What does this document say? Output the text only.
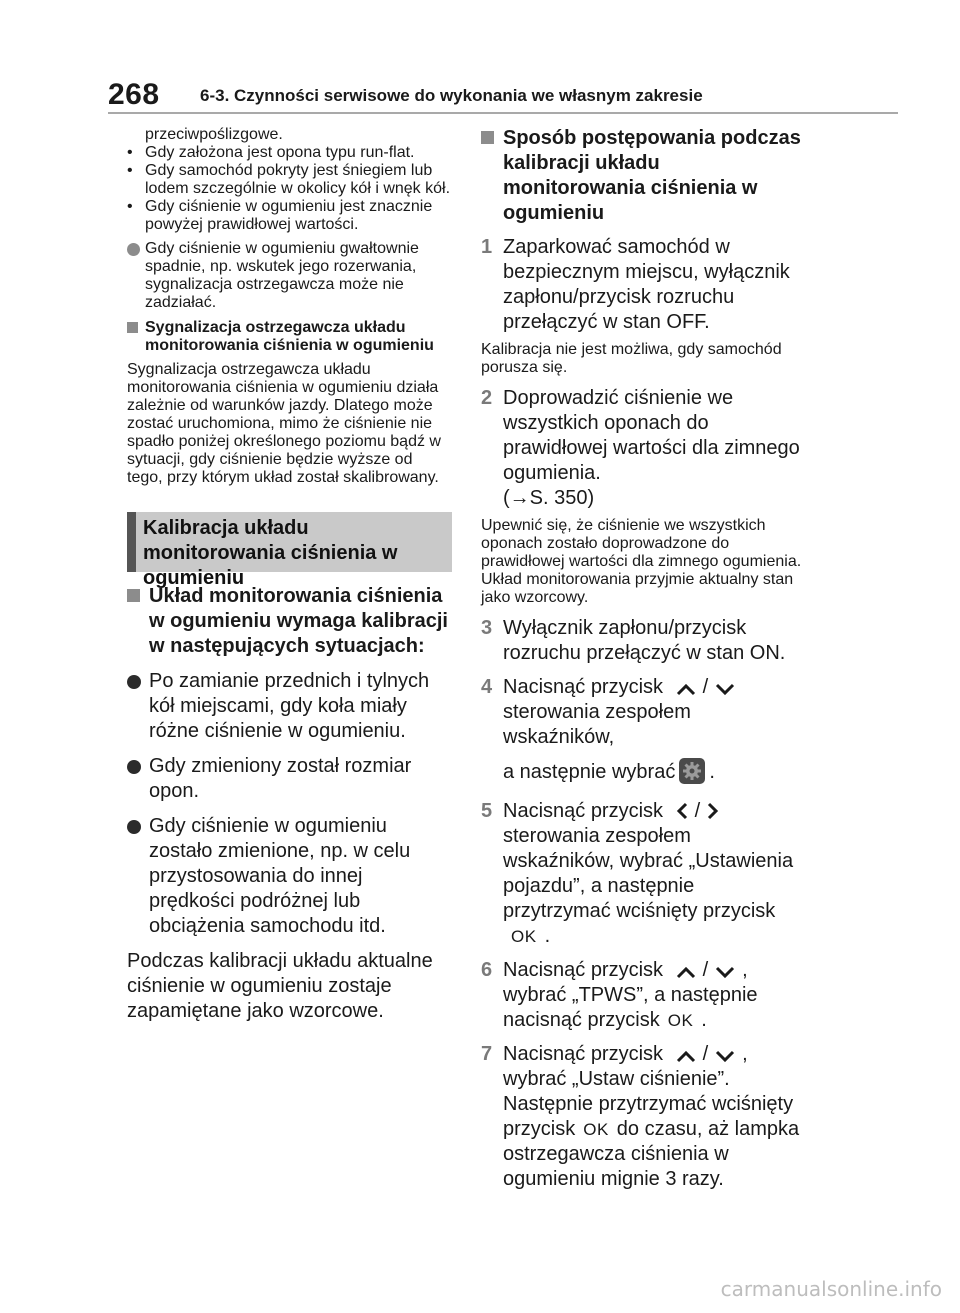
268 6-3. Czynności serwisowe do wykonania we własnym zakresie
przeciwpoślizgowe.
• Gdy założona jest opona typu run-flat.
• Gdy samochód pokryty jest śniegiem lub lodem szczególnie w okolicy kół i wnęk kół.
• Gdy ciśnienie w ogumieniu jest znacznie powyżej prawidłowej wartości.
Gdy ciśnienie w ogumieniu gwałtownie spadnie, np. wskutek jego rozerwania, sygnalizacja ostrzegawcza może nie zadziałać.
Sygnalizacja ostrzegawcza układu monitorowania ciśnienia w ogumieniu
Sygnalizacja ostrzegawcza układu monitorowania ciśnienia w ogumieniu działa zależnie od warunków jazdy. Dlatego może zostać uruchomiona, mimo że ciśnienie nie spadło poniżej określonego poziomu bądź w sytuacji, gdy ciśnienie będzie wyższe od tego, przy którym układ został skalibrowany.
Kalibracja układu monitorowania ciśnienia w ogumieniu
Układ monitorowania ciśnienia w ogumieniu wymaga kalibracji w następujących sytuacjach:
Po zamianie przednich i tylnych kół miejscami, gdy koła miały różne ciśnienie w ogumieniu.
Gdy zmieniony został rozmiar opon.
Gdy ciśnienie w ogumieniu zostało zmienione, np. w celu przystosowania do innej prędkości podróżnej lub obciążenia samochodu itd.
Podczas kalibracji układu aktualne ciśnienie w ogumieniu zostaje zapamiętane jako wzorcowe.
Sposób postępowania podczas kalibracji układu monitorowania ciśnienia w ogumieniu
1 Zaparkować samochód w bezpiecznym miejscu, wyłącznik zapłonu/przycisk rozruchu przełączyć w stan OFF.
Kalibracja nie jest możliwa, gdy samochód porusza się.
2 Doprowadzić ciśnienie we wszystkich oponach do prawidłowej wartości dla zimnego ogumienia.
(→S. 350)
Upewnić się, że ciśnienie we wszystkich oponach zostało doprowadzone do prawidłowej wartości dla zimnego ogumienia. Układ monitorowania przyjmie aktualny stan jako wzorcowy.
3 Wyłącznik zapłonu/przycisk rozruchu przełączyć w stan ON.
4 Nacisnąć przycisk /sterowania zespołem wskaźników,
a następnie wybrać .
5 Nacisnąć przycisk /sterowania zespołem wskaźników, wybrać „Ustawienia pojazdu”, a następnie przytrzymać wciśnięty przyciskOK .
6 Nacisnąć przycisk / , wybrać „TPWS”, a następnie nacisnąć przycisk OK .
7 Nacisnąć przycisk / , wybrać „Ustaw ciśnienie”. Następnie przytrzymać wciśnięty przycisk OK do czasu, aż lampka ostrzegawcza ciśnienia w ogumieniu mignie 3 razy.
carmanualsonline.info
